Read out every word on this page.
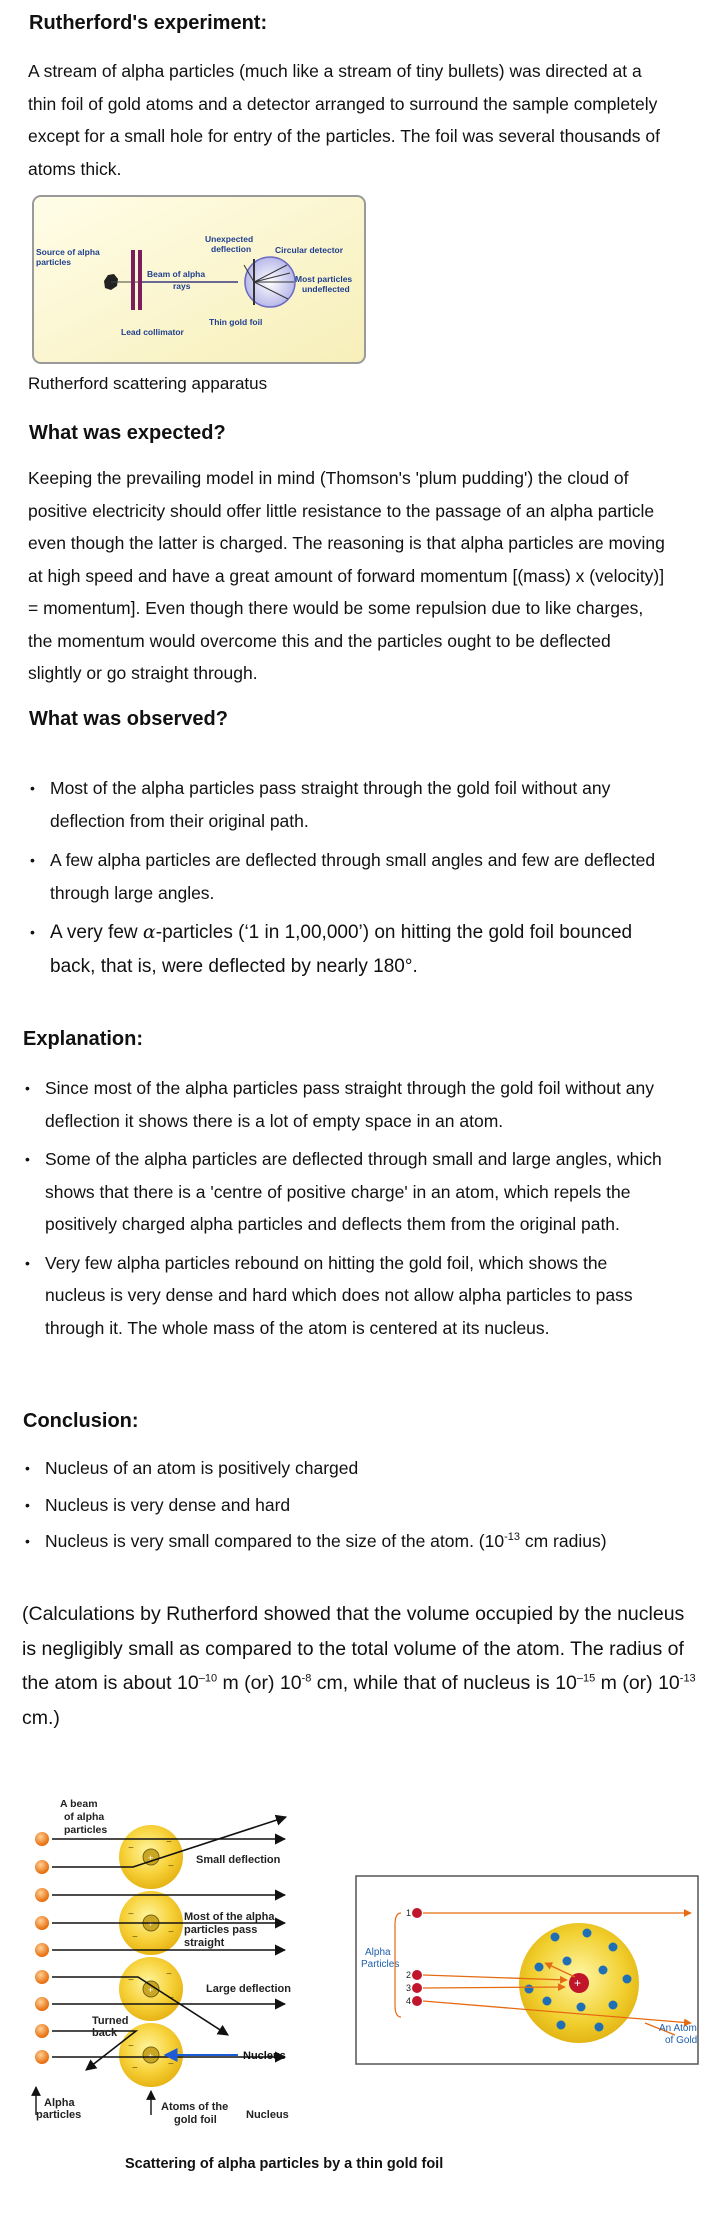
Rutherford's experiment:

A stream of alpha particles (much like a stream of tiny bullets) was directed at a thin foil of gold atoms and a detector arranged to surround the sample completely except for a small hole for entry of the particles. The foil was several thousands of atoms thick.

Source of alpha
particles
Beam of alpha
rays
Unexpected
deflection	Circular detector
Most particles
undeflected
Thin gold foil
Lead collimator
Rutherford scattering apparatus
What was expected?

Keeping the prevailing model in mind (Thomson's 'plum pudding') the cloud of positive electricity should offer little resistance to the passage of an alpha particle even though the latter is charged. The reasoning is that alpha particles are moving at high speed and have a great amount of forward momentum [(mass) x (velocity)] = momentum]. Even though there would be some repulsion due to like charges, the momentum would overcome this and the particles ought to be deflected slightly or go straight through.

What was observed?
• Most of the alpha particles pass straight through the gold foil without any deflection from their original path.
• A few alpha particles are deflected through small angles and few are deflected through large angles.
• A very few α-particles (‘1 in 1,00,000’) on hitting the gold foil bounced back, that is, were deflected by nearly 180°.
Explanation:
• Since most of the alpha particles pass straight through the gold foil without any deflection it shows there is a lot of empty space in an atom.
• Some of the alpha particles are deflected through small and large angles, which shows that there is a 'centre of positive charge' in an atom, which repels the positively charged alpha particles and deflects them from the original path.
• Very few alpha particles rebound on hitting the gold foil, which shows the nucleus is very dense and hard which does not allow alpha particles to pass through it. The whole mass of the atom is centered at its nucleus.
Conclusion:
• Nucleus of an atom is positively charged
• Nucleus is very dense and hard
• Nucleus is very small compared to the size of the atom. ($10^{-13}$ cm radius)

(Calculations by Rutherford showed that the volume occupied by the nucleus is negligibly small as compared to the total volume of the atom. The radius of the atom is about $10^{-10}$ m (or) $10^{-8}$ cm, while that of nucleus is $10^{-15}$ m (or) $10^{-13}$ cm.)

+
+
+
+
−
−
−
−
−
−
−
−
−
−
−
−
A beam
of alpha
particles
Small deflection
Most of the alpha
particles pass
straight
Large deflection
Turned
back
Nucleus
Alpha
particles
Atoms of the
gold foil	Nucleus
Alpha
Particles
1
2
3
4
+
An Atom
of Gold
Scattering of alpha particles by a thin gold foil
